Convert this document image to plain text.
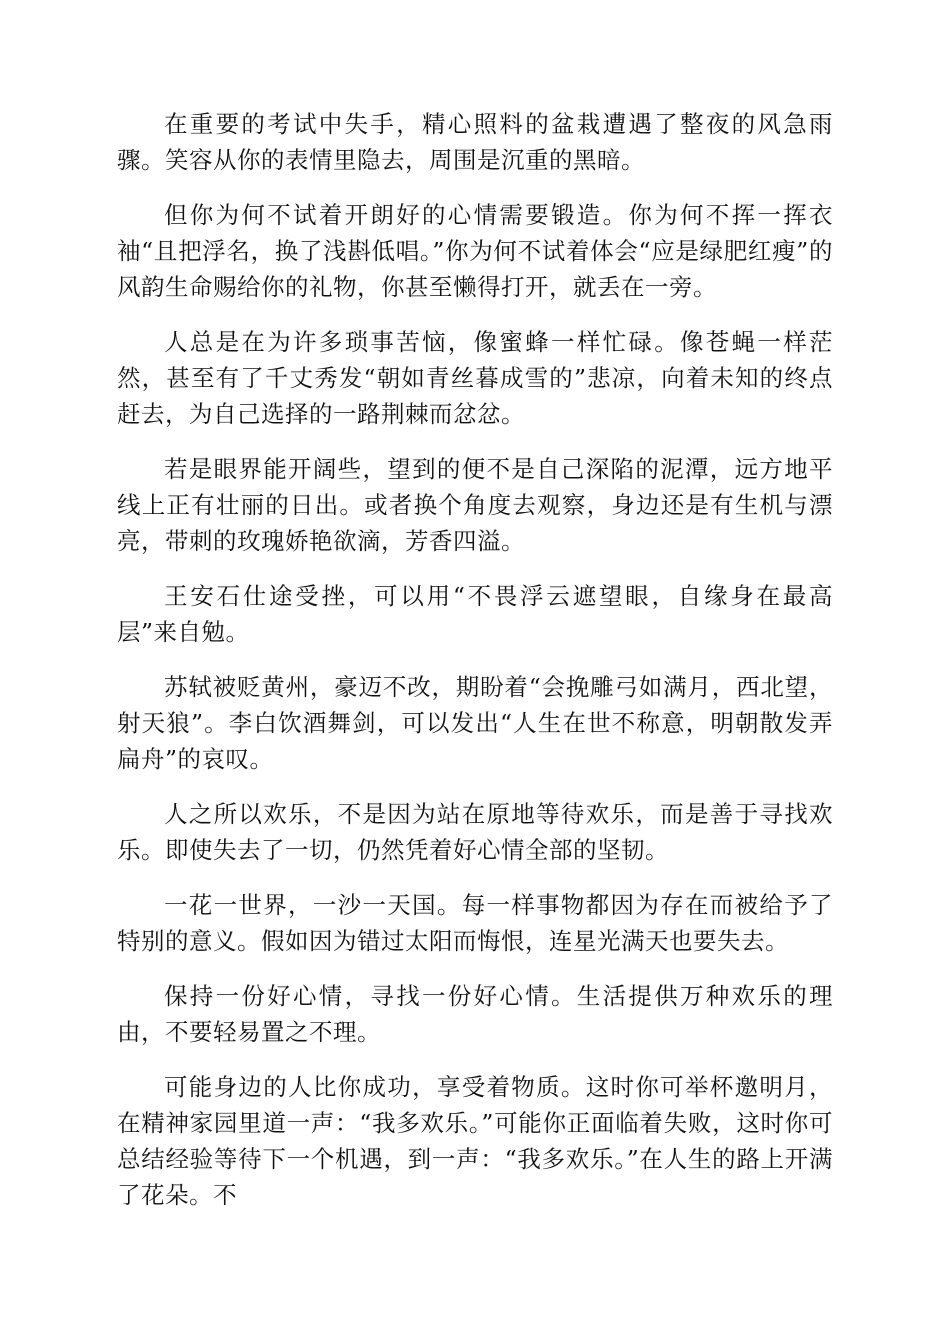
在重要的考试中失手，精心照料的盆栽遭遇了整夜的风急雨骤。笑容从你的表情里隐去，周围是沉重的黑暗。

但你为何不试着开朗好的心情需要锻造。你为何不挥一挥衣袖“且把浮名，换了浅斟低唱。”你为何不试着体会“应是绿肥红瘦”的风韵生命赐给你的礼物，你甚至懒得打开，就丢在一旁。

人总是在为许多琐事苦恼，像蜜蜂一样忙碌。像苍蝇一样茫然，甚至有了千丈秀发“朝如青丝暮成雪的”悲凉，向着未知的终点赶去，为自己选择的一路荆棘而忿忿。

若是眼界能开阔些，望到的便不是自己深陷的泥潭，远方地平线上正有壮丽的日出。或者换个角度去观察，身边还是有生机与漂亮，带刺的玫瑰娇艳欲滴，芳香四溢。

王安石仕途受挫，可以用“不畏浮云遮望眼，自缘身在最高层”来自勉。

苏轼被贬黄州，豪迈不改，期盼着“会挽雕弓如满月，西北望，射天狼”。李白饮酒舞剑，可以发出“人生在世不称意，明朝散发弄扁舟”的哀叹。

人之所以欢乐，不是因为站在原地等待欢乐，而是善于寻找欢乐。即使失去了一切，仍然凭着好心情全部的坚韧。

一花一世界，一沙一天国。每一样事物都因为存在而被给予了特别的意义。假如因为错过太阳而悔恨，连星光满天也要失去。

保持一份好心情，寻找一份好心情。生活提供万种欢乐的理由，不要轻易置之不理。

可能身边的人比你成功，享受着物质。这时你可举杯邀明月，在精神家园里道一声：“我多欢乐。”可能你正面临着失败，这时你可总结经验等待下一个机遇，到一声：“我多欢乐。”在人生的路上开满了花朵。不
